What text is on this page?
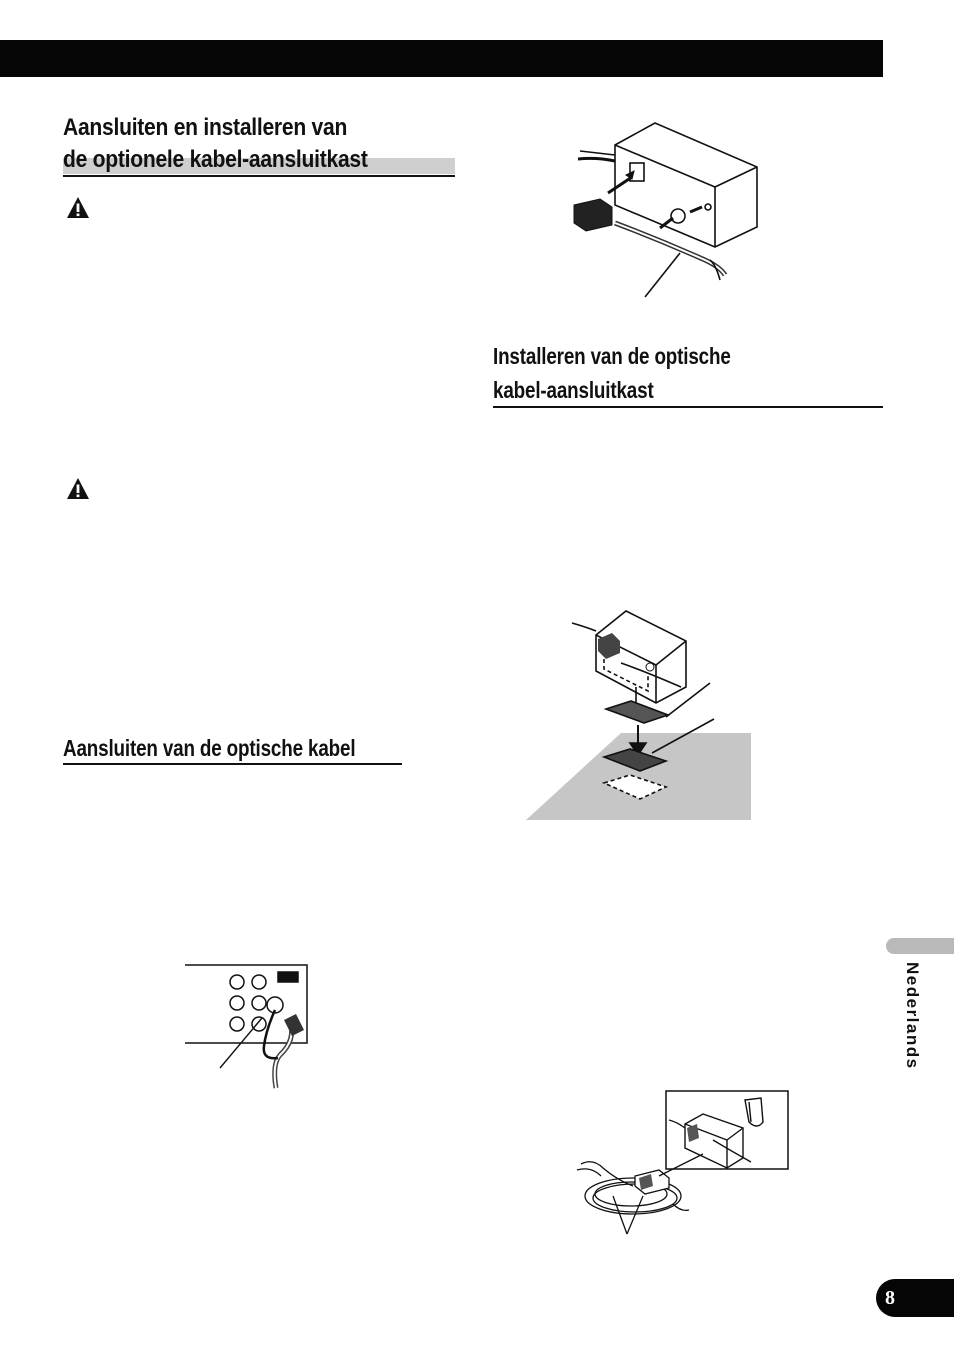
Aansluiten en installeren van

de optionele kabel-aansluitkast
Aansluiten van de optische kabel
Installeren van de optische
kabel-aansluitkast
Nederlands
8
